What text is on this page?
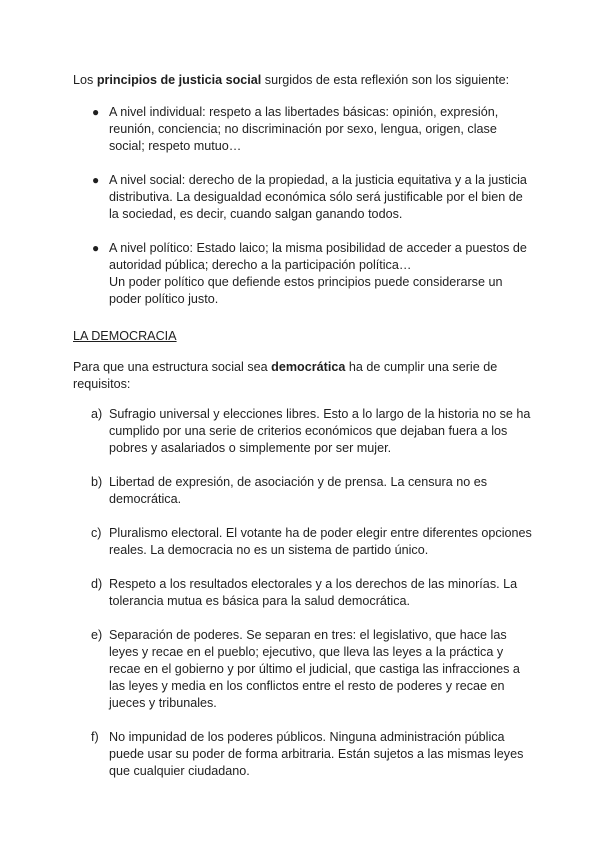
Los principios de justicia social surgidos de esta reflexión son los siguiente:

● A nivel individual: respeto a las libertades básicas: opinión, expresión, reunión, conciencia; no discriminación por sexo, lengua, origen, clase social; respeto mutuo…
● A nivel social: derecho de la propiedad, a la justicia equitativa y a la justicia distributiva. La desigualdad económica sólo será justificable por el bien de la sociedad, es decir, cuando salgan ganando todos.
● A nivel político: Estado laico; la misma posibilidad de acceder a puestos de autoridad pública; derecho a la participación política…
Un poder político que defiende estos principios puede considerarse un poder político justo.
LA DEMOCRACIA

Para que una estructura social sea democrática ha de cumplir una serie de requisitos:

a) Sufragio universal y elecciones libres. Esto a lo largo de la historia no se ha cumplido por una serie de criterios económicos que dejaban fuera a los pobres y asalariados o simplemente por ser mujer.
b) Libertad de expresión, de asociación y de prensa. La censura no es democrática.
c) Pluralismo electoral. El votante ha de poder elegir entre diferentes opciones reales. La democracia no es un sistema de partido único.
d) Respeto a los resultados electorales y a los derechos de las minorías. La tolerancia mutua es básica para la salud democrática.
e) Separación de poderes. Se separan en tres: el legislativo, que hace las leyes y recae en el pueblo; ejecutivo, que lleva las leyes a la práctica y recae en el gobierno y por último el judicial, que castiga las infracciones a las leyes y media en los conflictos entre el resto de poderes y recae en jueces y tribunales.
f) No impunidad de los poderes públicos. Ninguna administración pública puede usar su poder de forma arbitraria. Están sujetos a las mismas leyes que cualquier ciudadano.
